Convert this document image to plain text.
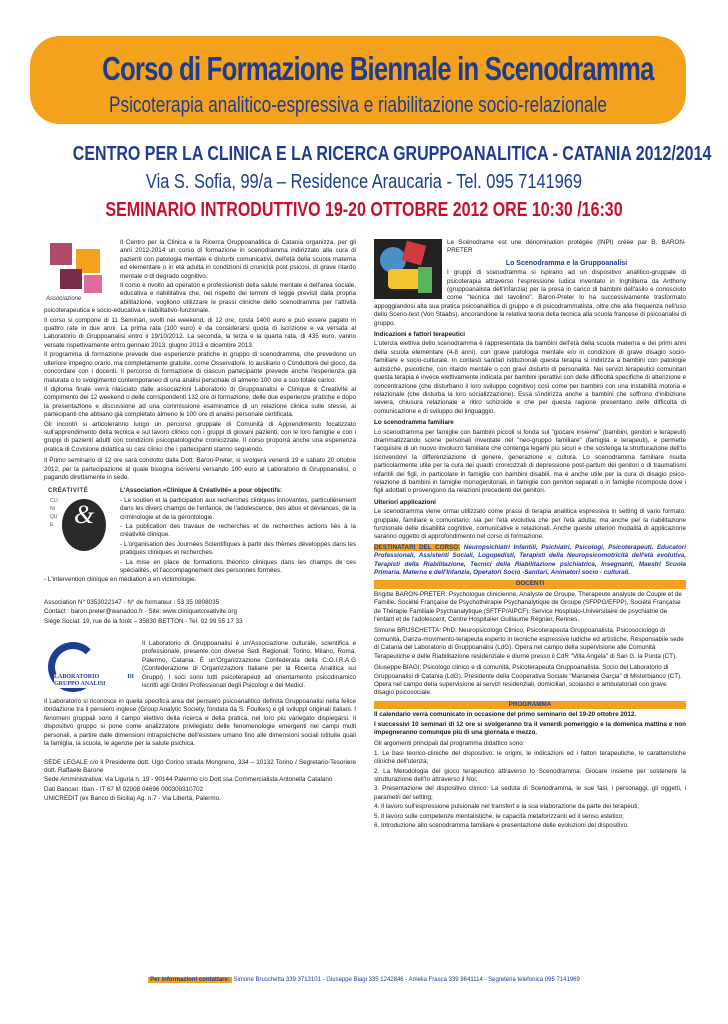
Corso di Formazione Biennale in Scenodramma
Psicoterapia analitico-espressiva e riabilitazione socio-relazionale
CENTRO PER LA CLINICA E LA RICERCA GRUPPOANALITICA - CATANIA 2012/2014
Via S. Sofia, 99/a – Residence Araucaria - Tel. 095 7141969
SEMINARIO INTRODUTTIVO 19-20 OTTOBRE 2012 ORE 10:30 /16:30
Associazione

Il Centro per la Clinica e la Ricerca Gruppoanalitica di Catania organizza, per gli anni 2012-2014 un corso di formazione in scenodramma indirizzato alla cura di pazienti con patologia mentale e disturbi comunicativi, dell'età della scuola materna ed elementare o in età adulta in condizioni di cronicità post psicosi, di grave ritardo mentale o di degrado cognitivo.

Il corso è rivolto ad operatori e professionisti della salute mentale e dell'area sociale, educativa e riabilitativa che, nel rispetto dei termini di legge previsti dalla propria abilitazione, vogliono utilizzare le prassi cliniche dello scenodramma per l'attività psicoterapeutica e socio-educativa e riabilitativo-funzionale.

Il corso si compone di 11 Seminari, svolti nei weekend, di 12 ore, costa 1400 euro e può essere pagato in quattro rate in due anni. La prima rata (100 euro) è da considerarsi quota di iscrizione e va versata al Laboratorio di Gruppoanalisi entro il 19/10/2012. La seconda, la terza e la quarta rata, di 435 euro, vanno versate rispettivamente entro gennaio 2013, giugno 2013 e dicembre 2013.

Il programma di formazione prevede due esperienze pratiche in gruppo di scenodramma, che prevedono un ulteriore impegno orario, ma completamente gratuite, come Osservatore, lo ausiliario o Conduttore del gioco, da concordare con i docenti. Il percorso di formazione di ciascun partecipante prevede anche l'esperienza già maturata o lo svolgimento contemporaneo di una analisi personale di almeno 100 ore a suo totale carico.

Il diploma finale verrà rilasciato dalle associazioni Laboratorio di Gruppoanalisi e Clinique & Creativité al compimento dei 12 weekend o delle corrispondenti 132 ore di formazione, delle due esperienze pratiche e dopo la presentazione e discussione ad una commissione esaminatrice di un relazione clinica sulle stesse, ai partecipanti che abbiano già completato almeno le 100 ore di analisi personale certificata.

Gli incontri si articoleranno lungo un percorso gruppale di Comunità di Apprendimento focalizzato sull'apprendimento della tecnica e sul lavoro clinico con i gruppi di giovani pazienti, con le loro famiglie e con i gruppi di pazienti adulti con condizioni psicopatologiche cronicizzate. Il corso proporrà anche una esperienza pratica di Covisione didattica su casi clinici che i partecipanti stanno seguendo.

Il Primo seminario di 12 ore sarà condotto dalla Dott. Baron-Preter, si svolgerà venerdi 19 e sabato 20 ottobre 2012, per la partecipazione al quale bisogna iscriversi versando 100 euro al Laboratorio di Gruppoanalisi, o pagando direttamente in sede.

CRÉATIVITÉ
CLINIQUE &

L'Association «Clinique & Créativité» a pour objectifs:

- Le soutien et la participation aux recherches cliniques innovantes, particulièrement dans les divers champs de l'enfance, de l'adolescence, des abus et déviances, de la criminologie et de la gérontologie.

- La publication des travaux de recherches et de recherches actions liés à la créativité clinique.

- L'organisation des Journées Scientifiques à partir des thèmes développés dans les pratiques cliniques et recherches.

- La mise en place de formations théorico cliniques dans les champs de ces spécialités, et l'accompagnement des personnes formées.

- L'intervention clinique en médiation a en victimologie.

Association N° 0353022147 - N° de formateur : 53 35 0808035

Contact : baron.preter@wanadoo.fr - Site: www.cliniquetcreativite.org

Siège Social: 19, rue de la forêt – 35830 BETTON - Tel. 02 99 55 17 33

LABORATORIO DI GRUPPO ANALISI

Il Laboratorio di Gruppoanalisi è un'Associazione culturale, scientifica e professionale, presente con diverse Sedi Regionali: Torino, Milano, Roma, Palermo, Catania. È un'Organizzazione Confederata della C.O.I.R.A.G (Confederazione di Organizzazioni Italiane per la Ricerca Analitica sui Gruppi). I soci sono tutti psicoterapeuti ad orientamento psicodinamico iscritti agli Ordini Professionali degli Psicologi e dei Medici.

Il Laboratorio si riconosce in quella specifica area del pensiero psicoanalitico definita Gruppoanalisi nella felice ibridazione tra il pensiero inglese (Group Analytic Society, fondata da S. Foulkes) e gli sviluppi originali italiani. I fenomeni gruppali sono il campo elettivo della ricerca e della pratica, nel loro più variegato dispiegarsi. Il dispositivo gruppo si pone come analizzatore privilegiato delle fenomenologie emergenti nei campi multi personali, a partire dalle dimensioni intrapsichiche dell'esistere umano fino alle dimensioni sociali istituite quali la famiglia, la scuola, le agenzie per la salute psichica.

SEDE LEGALE c/o il Presidente dott. Ugo Corino strada Mongreno, 334 – 10132 Torino / Segretario-Tesoriere dott. Raffaele Barone

Sede Amministrativa: via Liguria n. 19 - 90144 Palermo c/o Dott.ssa Commercialista Antonella Catalano

Dati Bancari: Iban - IT 67 M 02008 04696 000300310702

UNICREDIT (ex Banco di Sicilia) Ag. n.7 - Via Libertà, Palermo.

Le Scénodrame est une dénomination protégée (INPI) créée par B. BARON-PRETER

Lo Scenodramma e la Gruppoanalisi

I gruppi di scenodramma si ispirano ad un dispositivo analitico-gruppale di psicoterapia attraverso l'espressione ludica inventato in Inghilterra da Anthony (gruppoanalista dell'infanzia) per la presa in carico di bambini dell'asilo e conosciuto come "tecnica del tavolino". Baron-Preter lo ha successivamente trasformato appoggiandosi alla sua pratica psicoanalitica di gruppo e di psicodrammatista, oltre che alla frequenza nell'uso dello Sceno-test (Von Staabs), ancorandone la relativa teoria della tecnica alla scuola francese di psicoanalisi di gruppo.

Indicazioni e fattori terapeutici

L'utenza elettiva dello scenodramma è rappresentata da bambini dell'età della scuola materna e dei primi anni della scuola elementare (4-8 anni), con grave patologia mentale e/o in condizioni di grave disagio socio-familiare e socio-culturale. In contesti sanitari istituzionali questa terapia si indirizza a bambini con patologie autistiche, psicotiche, con ritardo mentale o con gravi disturbi di personalità. Nei servizi terapeutici comunitari questa terapia è invece elettivamente indicata per bambini iperattivi con delle difficoltà specifiche di attenzione e concentrazione (che disturbano il loro sviluppo cognitivo) così come per bambini con una instabilità motoria e relazionale (che disturba la loro socializzazione). Essa s'indirizza anche a bambini che soffrono d'inibizione severa, chiusura relazionale e ritiro schizoide e che per questa ragione presentano delle difficoltà di comunicazione e di sviluppo del linguaggio.

Lo scenodramma familiare

Lo scenodramma per famiglie con bambini piccoli si fonda sul "giocare insieme" (bambini, genitori e terapeuti) drammatizzando scene personali inventate nel "neo-gruppo familiare" (famiglia e terapeuti), e permette l'acquisire di un nuovo involucro familiare che contenga legami più sicuri e che sostenga la strutturazione dell'Io iscrivendovi la differenziazione di genere, generazione e cultura. Lo scenodramma familiare risulta particolarmente utile per la cura dei quadri cronicizzati di depressione post-partum dei genitori o di traumatismi infantili dei figli, in particolare in famiglie con bambini disabili, ma è anche utile per la cura di disagio psico-relazione di bambini in famiglie monogenitoriali, in famiglie con genitori separati o in famiglie ricomposte dove i figli adottati o provengono da relazioni precedenti dei genitori.

Ulteriori applicazioni

Le scenodramma viene ormai utilizzato come prassi di terapia analitica espressiva in setting di vario formato: gruppale, familiare e comunitario; sia per l'età evolutiva che per l'età adulta; ma anche per la riabilitazione funzionale delle disabilità cognitive, comunicative e relazionali. Anche queste ulteriori modalità di applicazione saranno oggetto di approfondimento nel corso di formazione.

DESTINATARI DEL CORSO: Neuropsichiatri Infantili, Psichiatri, Psicologi, Psicoterapeuti, Educatori Professionali, Assistenti Sociali, Logopedisti, Terapisti della Neuropsicomotricità dell'età evolutiva, Terapisti della Riabilitazione, Tecnici della Riabilitazione psichiatrica, Insegnanti, Maestri Scuola Primaria. Materna e dell'Infanzia, Operatori Socio -Sanitari, Animatori socio - culturali.

DOCENTI

Brigitte BARON-PRETER: Psychologue clinicienne, Analyste de Groupe, Thérapeute analyste de Couple et de Famille. Société Française de Psychothérapie Psychanalytique de Groupe (SFPPG/EFPP), Société Française de Thérapie Familiale Psychanalytique (SFTFP/AIPCF). Service Hospitalo-Universitaire de psychiatrie de l'enfant et de l'adolescent, Centre Hospitalier Guillaume Régnier, Rennes.

Simone BRUSCHETTA: PhD. Neuropsicologo Clinico, Psicoterapeuta Gruppoanalista. Psicosociologo di comunità, Danza-movimento-terapeuta esperto in tecniche espressive ludiche ed artistiche. Responsabile sede di Catania del Laboratorio di Gruppoanalisi (LdG). Opera nel campo della supervisione alle Comunità Terapeutiche e delle Riabilitazione residenziale e diurne presso il CdR "Villa Angela" di San G. la Punta (CT).

Giuseppe BIAGI: Psicologo clinico e di comunità, Psicoterapeuta Gruppoanalista. Socio del Laboratorio di Gruppoanalisi di Catania (LdG). Presidente della Cooperativa Sociale "Marianela Garçia" di Misterbianco (CT). Opera nel campo della supervisione ai servizi residenziali, domiciliari, scolastici e ambulatoriali con grave disagio psicosociale.

PROGRAMMA

Il calendario verrà comunicato in occasione del primo seminario del 19-20 ottobre 2012.

I successivi 10 seminari di 12 ore si svolgeranno tra il venerdì pomeriggio e la domenica mattina e non impegneranno comunque più di una giornata e mezzo.

Gli argomenti principali dal programma didattico sono:

1. Le basi teorico-cliniche del dispositivo: le origini, le indicazioni ed i fattori terapeutiche, le caratteristiche cliniche dell'utenza;
2. La Metodologia del gioco terapeutico attraverso lo Scenodramma: Giocare insieme per sostenere la strutturazione dell'Io attraverso il Noi;
3. Presentazione del dispositivo clinico: La seduta di Scenodramma, le sue fasi, i personaggi, gli oggetti, i parametri del setting;
4. Il lavoro sull'espressione pulsionale nel transfert e la sua elaborazione da parte dei terapeuti;
5. Il lavoro sulle competenze mentalistiche, le capacità metaforizzanti ed il senso estetico;
6. Introduzione allo scenodramma familiare e presentazione delle evoluzioni del dispositivo.
Per informazioni contattare: Simone Bruschetta 339 3713101 - Giuseppe Biagi 335 1242846 - Amelia Frasca 339 8641114 - Segreteria telefonica 095 7141969
